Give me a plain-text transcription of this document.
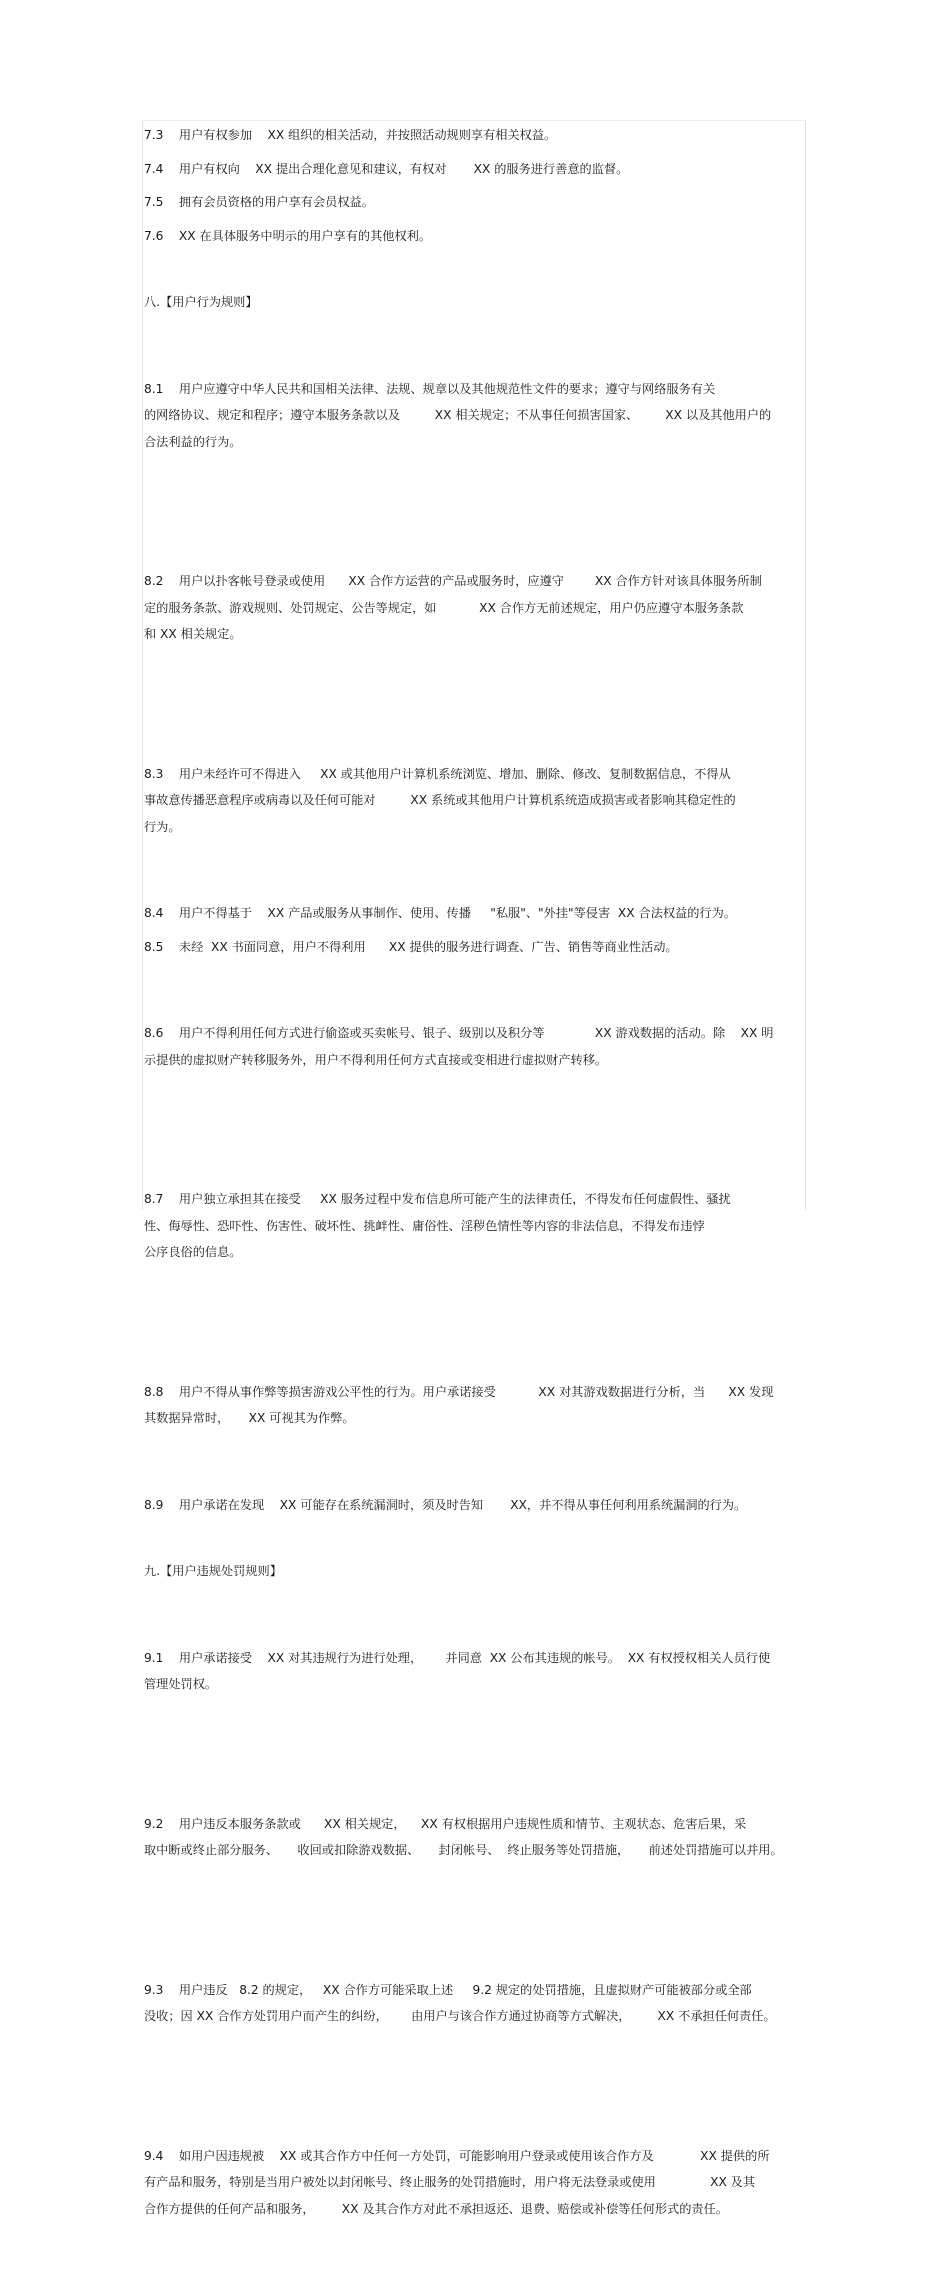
7.3    用户有权参加    XX 组织的相关活动，并按照活动规则享有相关权益。

7.4    用户有权向    XX 提出合理化意见和建议，有权对       XX 的服务进行善意的监督。

7.5    拥有会员资格的用户享有会员权益。

7.6    XX 在具体服务中明示的用户享有的其他权利。

八.【用户行为规则】

8.1    用户应遵守中华人民共和国相关法律、法规、规章以及其他规范性文件的要求；遵守与网络服务有关
的网络协议、规定和程序；遵守本服务条款以及         XX 相关规定；不从事任何损害国家、       XX 以及其他用户的
合法利益的行为。

8.2    用户以扑客帐号登录或使用      XX 合作方运营的产品或服务时，应遵守        XX 合作方针对该具体服务所制
定的服务条款、游戏规则、处罚规定、公告等规定，如           XX 合作方无前述规定，用户仍应遵守本服务条款
和 XX 相关规定。

8.3    用户未经许可不得进入     XX 或其他用户计算机系统浏览、增加、删除、修改、复制数据信息，不得从
事故意传播恶意程序或病毒以及任何可能对         XX 系统或其他用户计算机系统造成损害或者影响其稳定性的
行为。

8.4    用户不得基于    XX 产品或服务从事制作、使用、传播     "私服"、"外挂"等侵害  XX 合法权益的行为。

8.5    未经  XX 书面同意，用户不得利用      XX 提供的服务进行调查、广告、销售等商业性活动。

8.6    用户不得利用任何方式进行偷盗或买卖帐号、银子、级别以及积分等             XX 游戏数据的活动。除    XX 明
示提供的虚拟财产转移服务外，用户不得利用任何方式直接或变相进行虚拟财产转移。

8.7    用户独立承担其在接受     XX 服务过程中发布信息所可能产生的法律责任，不得发布任何虚假性、骚扰
性、侮辱性、恐吓性、伤害性、破坏性、挑衅性、庸俗性、淫秽色情性等内容的非法信息，不得发布违悖
公序良俗的信息。

8.8    用户不得从事作弊等损害游戏公平性的行为。用户承诺接受           XX 对其游戏数据进行分析，当      XX 发现
其数据异常时，     XX 可视其为作弊。

8.9    用户承诺在发现    XX 可能存在系统漏洞时，须及时告知       XX，并不得从事任何利用系统漏洞的行为。

九.【用户违规处罚规则】

9.1    用户承诺接受    XX 对其违规行为进行处理，      并同意  XX 公布其违规的帐号。  XX 有权授权相关人员行使
管理处罚权。

9.2    用户违反本服务条款或      XX 相关规定，    XX 有权根据用户违规性质和情节、主观状态、危害后果，采
取中断或终止部分服务、     收回或扣除游戏数据、     封闭帐号、  终止服务等处罚措施，     前述处罚措施可以并用。

9.3    用户违反   8.2 的规定，   XX 合作方可能采取上述     9.2 规定的处罚措施，且虚拟财产可能被部分或全部
没收；因 XX 合作方处罚用户而产生的纠纷，      由用户与该合作方通过协商等方式解决，       XX 不承担任何责任。

9.4    如用户因违规被    XX 或其合作方中任何一方处罚，可能影响用户登录或使用该合作方及            XX 提供的所
有产品和服务，特别是当用户被处以封闭帐号、终止服务的处罚措施时，用户将无法登录或使用              XX 及其
合作方提供的任何产品和服务，       XX 及其合作方对此不承担返还、退费、赔偿或补偿等任何形式的责任。
